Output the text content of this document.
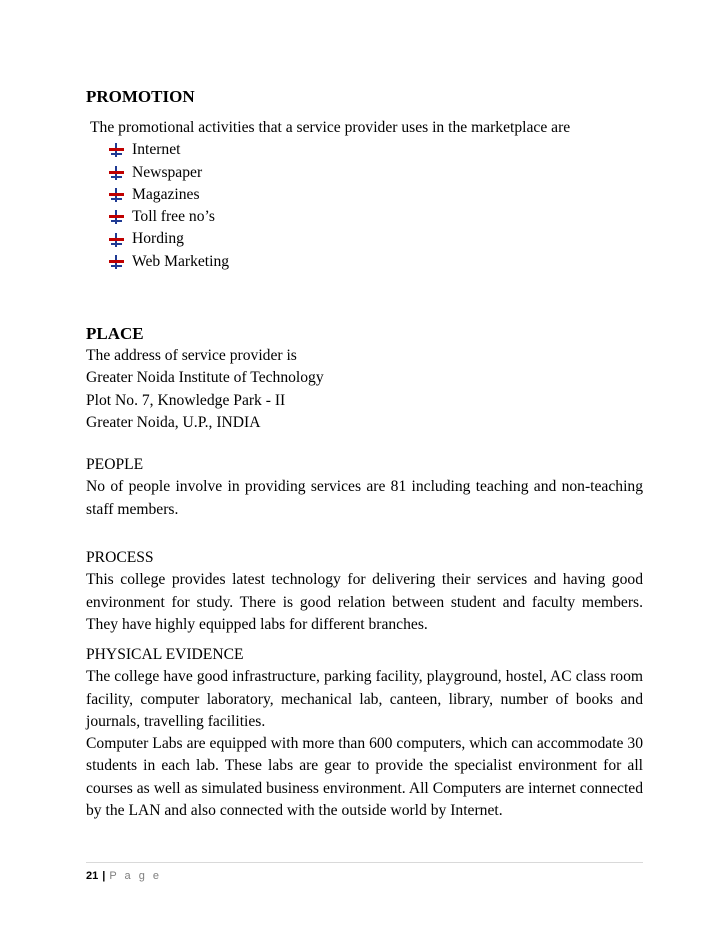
PROMOTION

The promotional activities that a service provider uses in the marketplace are

Internet
Newspaper
Magazines
Toll free no’s
Hording
Web Marketing

PLACE

The address of service provider is

Greater Noida Institute of Technology

Plot No. 7, Knowledge Park - II

Greater Noida, U.P., INDIA

PEOPLE

No of people involve in providing services are 81 including teaching and non-teaching staff members.

PROCESS

This college provides latest technology for delivering their services and having good environment for study. There is good relation between student and faculty members. They have highly equipped labs for different branches.

PHYSICAL EVIDENCE

The college have good infrastructure, parking facility, playground, hostel, AC class room facility, computer laboratory, mechanical lab, canteen, library, number of books and journals, travelling facilities.

Computer Labs are equipped with more than 600 computers, which can accommodate 30 students in each lab. These labs are gear to provide the specialist environment for all courses as well as simulated business environment. All Computers are internet connected by the LAN and also connected with the outside world by Internet.

21 | P a g e
